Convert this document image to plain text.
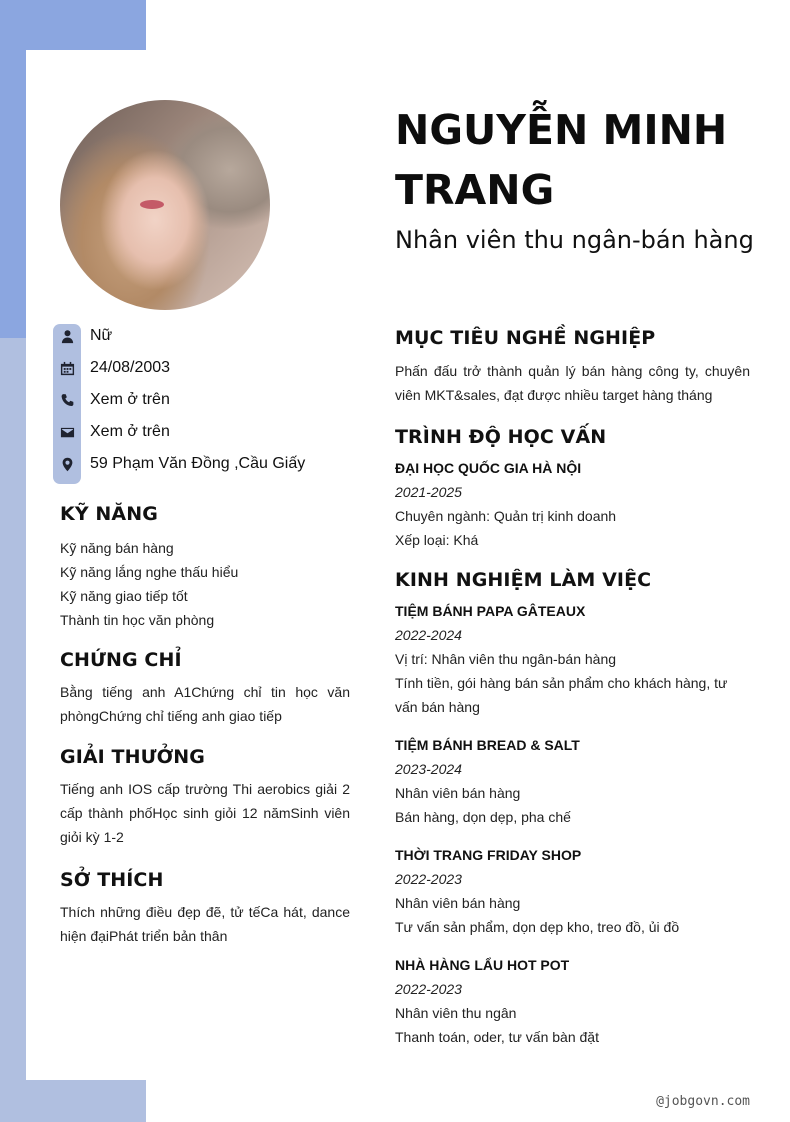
Nữ
24/08/2003
Xem ở trên
Xem ở trên
59 Phạm Văn Đồng ,Cầu Giấy
KỸ NĂNG
Kỹ năng bán hàng
Kỹ năng lắng nghe thấu hiểu
Kỹ năng giao tiếp tốt
Thành tin học văn phòng
CHỨNG CHỈ
Bằng tiếng anh A1Chứng chỉ tin học văn phòngChứng chỉ tiếng anh giao tiếp
GIẢI THƯỞNG
Tiếng anh IOS cấp trường Thi aerobics giải 2 cấp thành phốHọc sinh giỏi 12 nămSinh viên giỏi kỳ 1-2
SỞ THÍCH
Thích những điều đẹp đẽ, tử tếCa hát, dance hiện đạiPhát triển bản thân
NGUYỄN MINH TRANG
Nhân viên thu ngân-bán hàng
MỤC TIÊU NGHỀ NGHIỆP
Phấn đấu trở thành quản lý bán hàng công ty, chuyên viên MKT&sales, đạt được nhiều target hàng tháng
TRÌNH ĐỘ HỌC VẤN
ĐẠI HỌC QUỐC GIA HÀ NỘI
2021-2025
Chuyên ngành: Quản trị kinh doanh
Xếp loại: Khá
KINH NGHIỆM LÀM VIỆC
TIỆM BÁNH PAPA GÂTEAUX
2022-2024
Vị trí: Nhân viên thu ngân-bán hàng
Tính tiền, gói hàng bán sản phẩm cho khách hàng, tư vấn bán hàng
TIỆM BÁNH BREAD & SALT
2023-2024
Nhân viên bán hàng
Bán hàng, dọn dẹp, pha chế
THỜI TRANG FRIDAY SHOP
2022-2023
Nhân viên bán hàng
Tư vấn sản phẩm, dọn dẹp kho, treo đồ, ủi đồ
NHÀ HÀNG LẨU HOT POT
2022-2023
Nhân viên thu ngân
Thanh toán, oder, tư vấn bàn đặt
@jobgovn.com
